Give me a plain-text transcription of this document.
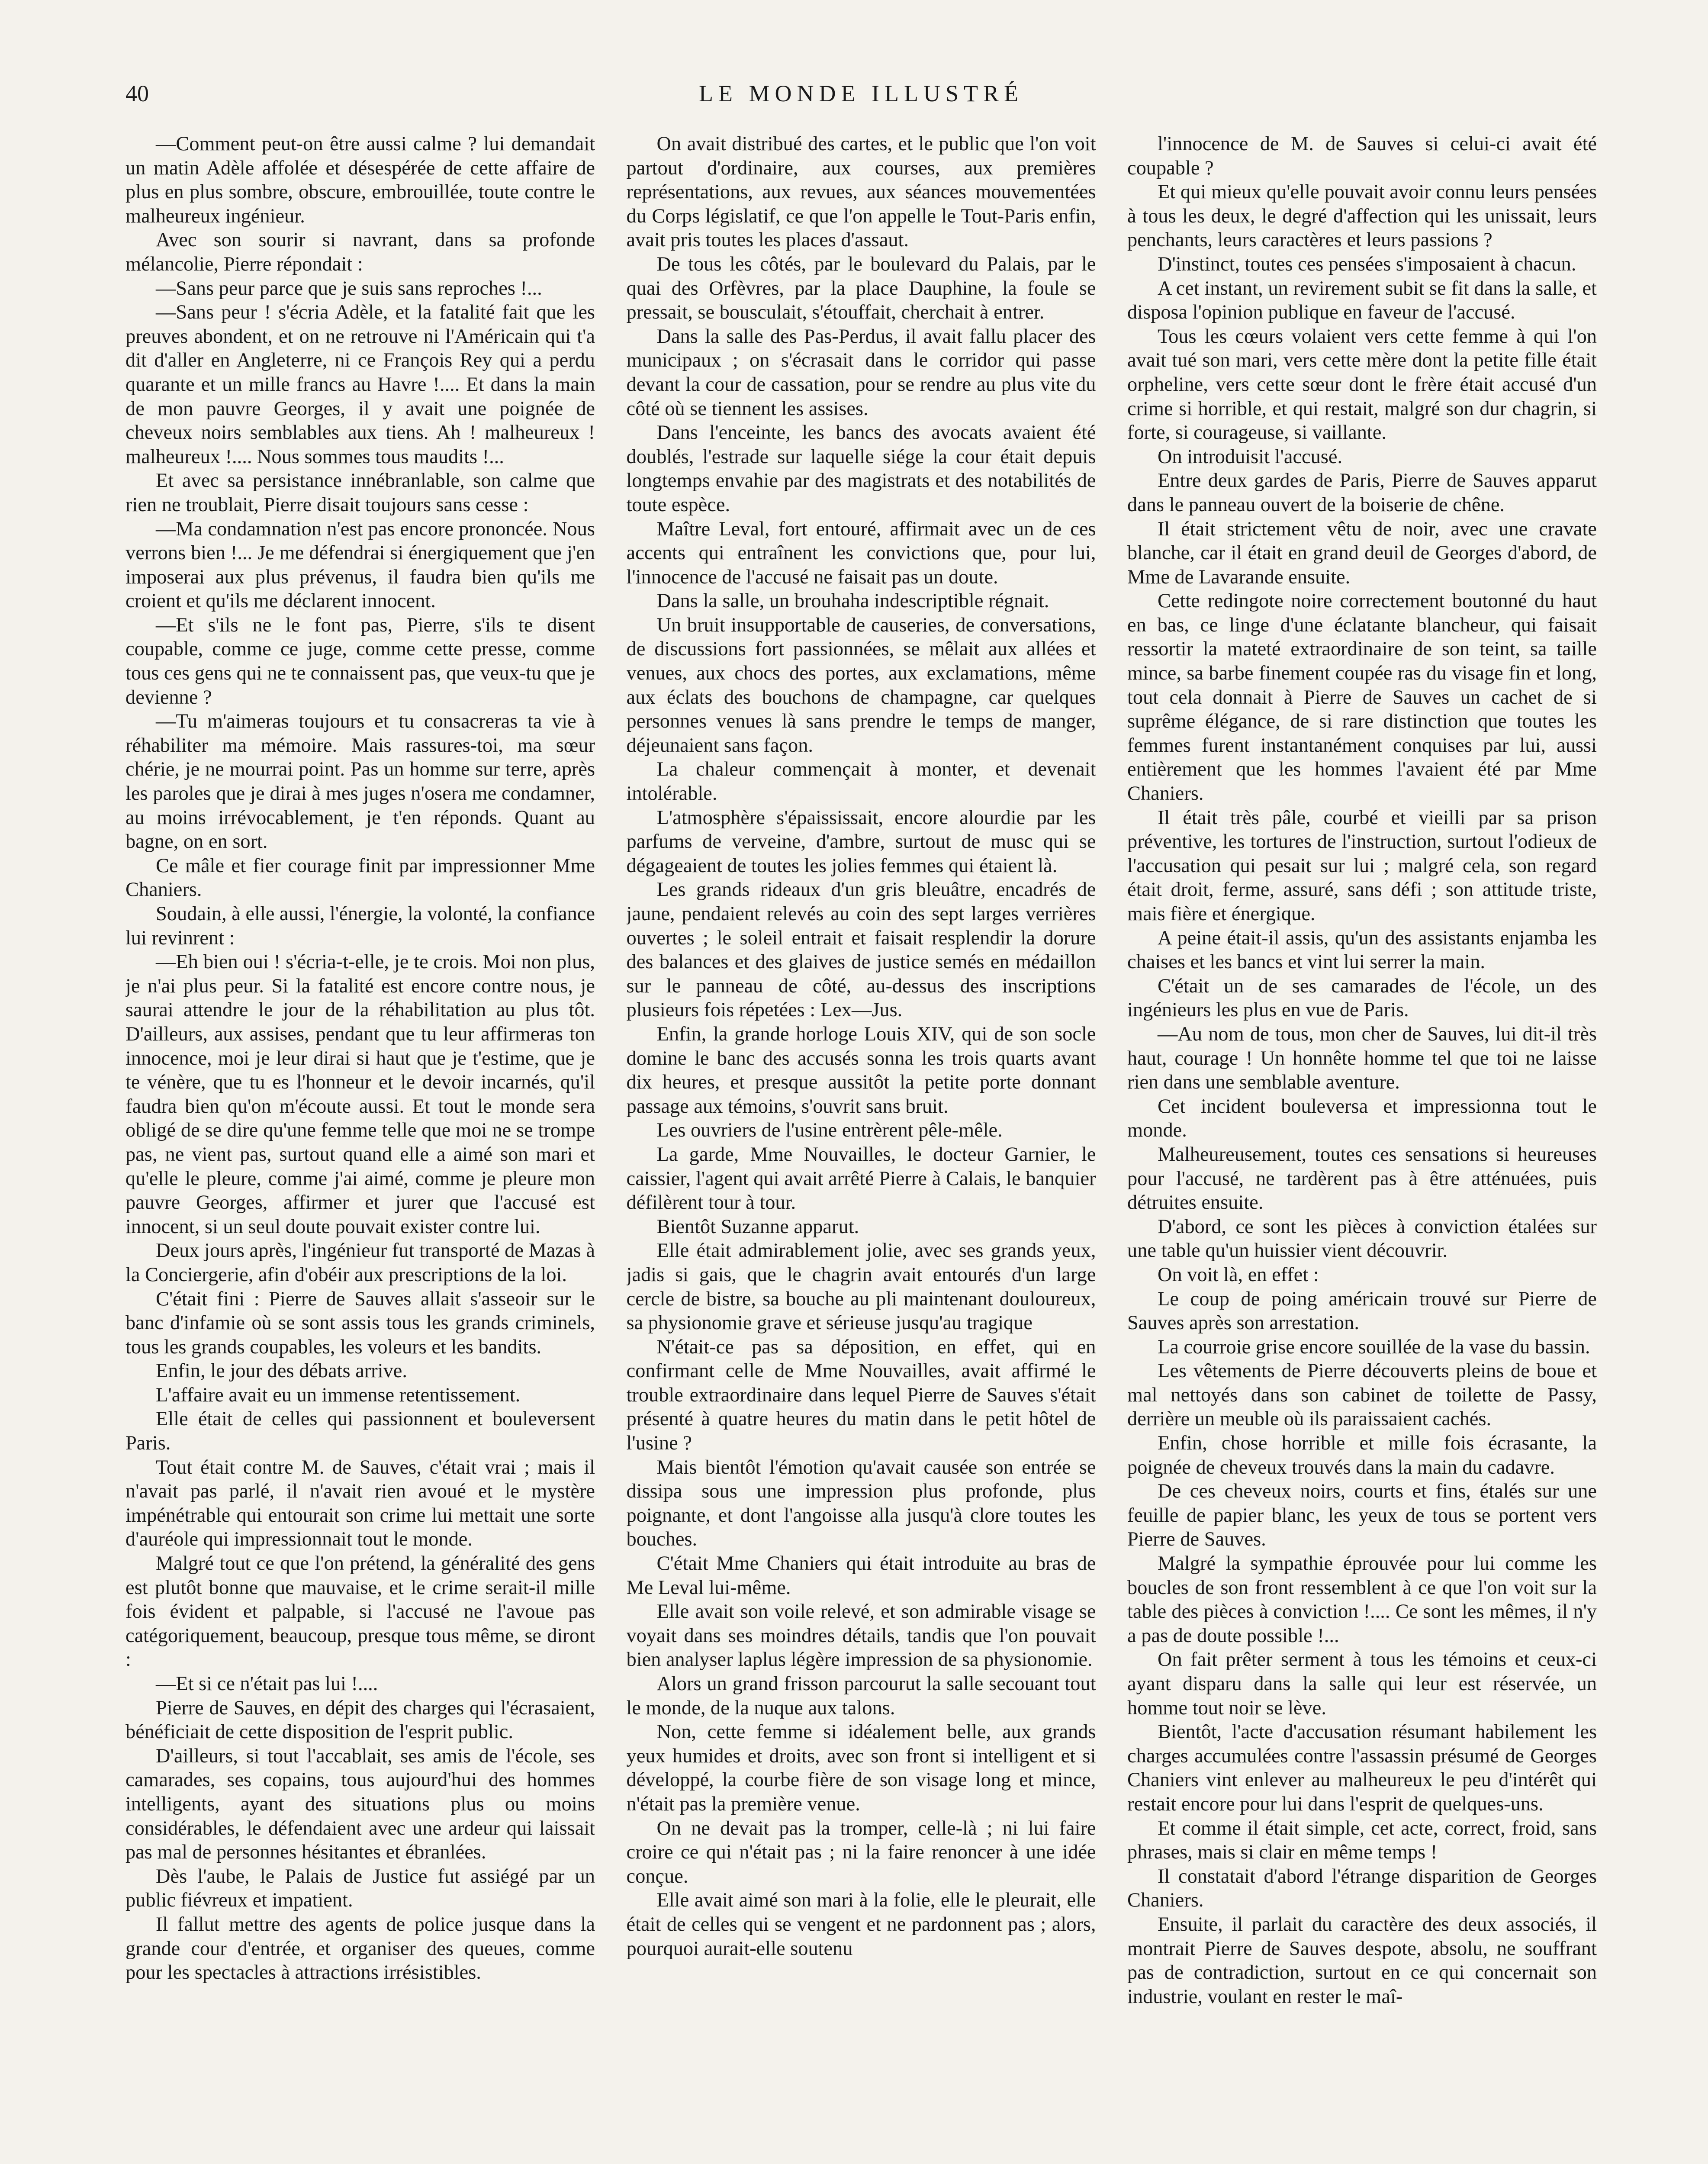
40	LE MONDE ILLUSTRÉ

—Comment peut-on être aussi calme ? lui demandait un matin Adèle affolée et désespérée de cette affaire de plus en plus sombre, obscure, embrouillée, toute contre le malheureux ingénieur.

Avec son sourir si navrant, dans sa profonde mélancolie, Pierre répondait :

—Sans peur parce que je suis sans reproches !...

—Sans peur ! s'écria Adèle, et la fatalité fait que les preuves abondent, et on ne retrouve ni l'Américain qui t'a dit d'aller en Angleterre, ni ce François Rey qui a perdu quarante et un mille francs au Havre !.... Et dans la main de mon pauvre Georges, il y avait une poignée de cheveux noirs semblables aux tiens. Ah ! malheureux ! malheureux !.... Nous sommes tous maudits !...

Et avec sa persistance innébranlable, son calme que rien ne troublait, Pierre disait toujours sans cesse :

—Ma condamnation n'est pas encore prononcée. Nous verrons bien !... Je me défendrai si énergiquement que j'en imposerai aux plus prévenus, il faudra bien qu'ils me croient et qu'ils me déclarent innocent.

—Et s'ils ne le font pas, Pierre, s'ils te disent coupable, comme ce juge, comme cette presse, comme tous ces gens qui ne te connaissent pas, que veux-tu que je devienne ?

—Tu m'aimeras toujours et tu consacreras ta vie à réhabiliter ma mémoire. Mais rassures-toi, ma sœur chérie, je ne mourrai point. Pas un homme sur terre, après les paroles que je dirai à mes juges n'osera me condamner, au moins irrévocablement, je t'en réponds. Quant au bagne, on en sort.

Ce mâle et fier courage finit par impressionner Mme Chaniers.

Soudain, à elle aussi, l'énergie, la volonté, la confiance lui revinrent :

—Eh bien oui ! s'écria-t-elle, je te crois. Moi non plus, je n'ai plus peur. Si la fatalité est encore contre nous, je saurai attendre le jour de la réhabilitation au plus tôt. D'ailleurs, aux assises, pendant que tu leur affirmeras ton innocence, moi je leur dirai si haut que je t'estime, que je te vénère, que tu es l'honneur et le devoir incarnés, qu'il faudra bien qu'on m'écoute aussi. Et tout le monde sera obligé de se dire qu'une femme telle que moi ne se trompe pas, ne vient pas, surtout quand elle a aimé son mari et qu'elle le pleure, comme j'ai aimé, comme je pleure mon pauvre Georges, affirmer et jurer que l'accusé est innocent, si un seul doute pouvait exister contre lui.

Deux jours après, l'ingénieur fut transporté de Mazas à la Conciergerie, afin d'obéir aux prescriptions de la loi.

C'était fini : Pierre de Sauves allait s'asseoir sur le banc d'infamie où se sont assis tous les grands criminels, tous les grands coupables, les voleurs et les bandits.

Enfin, le jour des débats arrive.

L'affaire avait eu un immense retentissement.

Elle était de celles qui passionnent et bouleversent Paris.

Tout était contre M. de Sauves, c'était vrai ; mais il n'avait pas parlé, il n'avait rien avoué et le mystère impénétrable qui entourait son crime lui mettait une sorte d'auréole qui impressionnait tout le monde.

Malgré tout ce que l'on prétend, la généralité des gens est plutôt bonne que mauvaise, et le crime serait-il mille fois évident et palpable, si l'accusé ne l'avoue pas catégoriquement, beaucoup, presque tous même, se diront :

—Et si ce n'était pas lui !....

Pierre de Sauves, en dépit des charges qui l'écrasaient, bénéficiait de cette disposition de l'esprit public.

D'ailleurs, si tout l'accablait, ses amis de l'école, ses camarades, ses copains, tous aujourd'hui des hommes intelligents, ayant des situations plus ou moins considérables, le défendaient avec une ardeur qui laissait pas mal de personnes hésitantes et ébranlées.

Dès l'aube, le Palais de Justice fut assiégé par un public fiévreux et impatient.

Il fallut mettre des agents de police jusque dans la grande cour d'entrée, et organiser des queues, comme pour les spectacles à attractions irrésistibles.

On avait distribué des cartes, et le public que l'on voit partout d'ordinaire, aux courses, aux premières représentations, aux revues, aux séances mouvementées du Corps législatif, ce que l'on appelle le Tout-Paris enfin, avait pris toutes les places d'assaut.

De tous les côtés, par le boulevard du Palais, par le quai des Orfèvres, par la place Dauphine, la foule se pressait, se bousculait, s'étouffait, cherchait à entrer.

Dans la salle des Pas-Perdus, il avait fallu placer des municipaux ; on s'écrasait dans le corridor qui passe devant la cour de cassation, pour se rendre au plus vite du côté où se tiennent les assises.

Dans l'enceinte, les bancs des avocats avaient été doublés, l'estrade sur laquelle siége la cour était depuis longtemps envahie par des magistrats et des notabilités de toute espèce.

Maître Leval, fort entouré, affirmait avec un de ces accents qui entraînent les convictions que, pour lui, l'innocence de l'accusé ne faisait pas un doute.

Dans la salle, un brouhaha indescriptible régnait.

Un bruit insupportable de causeries, de conversations, de discussions fort passionnées, se mêlait aux allées et venues, aux chocs des portes, aux exclamations, même aux éclats des bouchons de champagne, car quelques personnes venues là sans prendre le temps de manger, déjeunaient sans façon.

La chaleur commençait à monter, et devenait intolérable.

L'atmosphère s'épaississait, encore alourdie par les parfums de verveine, d'ambre, surtout de musc qui se dégageaient de toutes les jolies femmes qui étaient là.

Les grands rideaux d'un gris bleuâtre, encadrés de jaune, pendaient relevés au coin des sept larges verrières ouvertes ; le soleil entrait et faisait resplendir la dorure des balances et des glaives de justice semés en médaillon sur le panneau de côté, au-dessus des inscriptions plusieurs fois répetées : Lex—Jus.

Enfin, la grande horloge Louis XIV, qui de son socle domine le banc des accusés sonna les trois quarts avant dix heures, et presque aussitôt la petite porte donnant passage aux témoins, s'ouvrit sans bruit.

Les ouvriers de l'usine entrèrent pêle-mêle.

La garde, Mme Nouvailles, le docteur Garnier, le caissier, l'agent qui avait arrêté Pierre à Calais, le banquier défilèrent tour à tour.

Bientôt Suzanne apparut.

Elle était admirablement jolie, avec ses grands yeux, jadis si gais, que le chagrin avait entourés d'un large cercle de bistre, sa bouche au pli maintenant douloureux, sa physionomie grave et sérieuse jusqu'au tragique

N'était-ce pas sa déposition, en effet, qui en confirmant celle de Mme Nouvailles, avait affirmé le trouble extraordinaire dans lequel Pierre de Sauves s'était présenté à quatre heures du matin dans le petit hôtel de l'usine ?

Mais bientôt l'émotion qu'avait causée son entrée se dissipa sous une impression plus profonde, plus poignante, et dont l'angoisse alla jusqu'à clore toutes les bouches.

C'était Mme Chaniers qui était introduite au bras de Me Leval lui-même.

Elle avait son voile relevé, et son admirable visage se voyait dans ses moindres détails, tandis que l'on pouvait bien analyser laplus légère impression de sa physionomie.

Alors un grand frisson parcourut la salle secouant tout le monde, de la nuque aux talons.

Non, cette femme si idéalement belle, aux grands yeux humides et droits, avec son front si intelligent et si développé, la courbe fière de son visage long et mince, n'était pas la première venue.

On ne devait pas la tromper, celle-là ; ni lui faire croire ce qui n'était pas ; ni la faire renoncer à une idée conçue.

Elle avait aimé son mari à la folie, elle le pleurait, elle était de celles qui se vengent et ne pardonnent pas ; alors, pourquoi aurait-elle soutenu

l'innocence de M. de Sauves si celui-ci avait été coupable ?

Et qui mieux qu'elle pouvait avoir connu leurs pensées à tous les deux, le degré d'affection qui les unissait, leurs penchants, leurs caractères et leurs passions ?

D'instinct, toutes ces pensées s'imposaient à chacun.

A cet instant, un revirement subit se fit dans la salle, et disposa l'opinion publique en faveur de l'accusé.

Tous les cœurs volaient vers cette femme à qui l'on avait tué son mari, vers cette mère dont la petite fille était orpheline, vers cette sœur dont le frère était accusé d'un crime si horrible, et qui restait, malgré son dur chagrin, si forte, si courageuse, si vaillante.

On introduisit l'accusé.

Entre deux gardes de Paris, Pierre de Sauves apparut dans le panneau ouvert de la boiserie de chêne.

Il était strictement vêtu de noir, avec une cravate blanche, car il était en grand deuil de Georges d'abord, de Mme de Lavarande ensuite.

Cette redingote noire correctement boutonné du haut en bas, ce linge d'une éclatante blancheur, qui faisait ressortir la mateté extraordinaire de son teint, sa taille mince, sa barbe finement coupée ras du visage fin et long, tout cela donnait à Pierre de Sauves un cachet de si suprême élégance, de si rare distinction que toutes les femmes furent instantanément conquises par lui, aussi entièrement que les hommes l'avaient été par Mme Chaniers.

Il était très pâle, courbé et vieilli par sa prison préventive, les tortures de l'instruction, surtout l'odieux de l'accusation qui pesait sur lui ; malgré cela, son regard était droit, ferme, assuré, sans défi ; son attitude triste, mais fière et énergique.

A peine était-il assis, qu'un des assistants enjamba les chaises et les bancs et vint lui serrer la main.

C'était un de ses camarades de l'école, un des ingénieurs les plus en vue de Paris.

—Au nom de tous, mon cher de Sauves, lui dit-il très haut, courage ! Un honnête homme tel que toi ne laisse rien dans une semblable aventure.

Cet incident bouleversa et impressionna tout le monde.

Malheureusement, toutes ces sensations si heureuses pour l'accusé, ne tardèrent pas à être atténuées, puis détruites ensuite.

D'abord, ce sont les pièces à conviction étalées sur une table qu'un huissier vient découvrir.

On voit là, en effet :

Le coup de poing américain trouvé sur Pierre de Sauves après son arrestation.

La courroie grise encore souillée de la vase du bassin.

Les vêtements de Pierre découverts pleins de boue et mal nettoyés dans son cabinet de toilette de Passy, derrière un meuble où ils paraissaient cachés.

Enfin, chose horrible et mille fois écrasante, la poignée de cheveux trouvés dans la main du cadavre.

De ces cheveux noirs, courts et fins, étalés sur une feuille de papier blanc, les yeux de tous se portent vers Pierre de Sauves.

Malgré la sympathie éprouvée pour lui comme les boucles de son front ressemblent à ce que l'on voit sur la table des pièces à conviction !.... Ce sont les mêmes, il n'y a pas de doute possible !...

On fait prêter serment à tous les témoins et ceux-ci ayant disparu dans la salle qui leur est réservée, un homme tout noir se lève.

Bientôt, l'acte d'accusation résumant habilement les charges accumulées contre l'assassin présumé de Georges Chaniers vint enlever au malheureux le peu d'intérêt qui restait encore pour lui dans l'esprit de quelques-uns.

Et comme il était simple, cet acte, correct, froid, sans phrases, mais si clair en même temps !

Il constatait d'abord l'étrange disparition de Georges Chaniers.

Ensuite, il parlait du caractère des deux associés, il montrait Pierre de Sauves despote, absolu, ne souffrant pas de contradiction, surtout en ce qui concernait son industrie, voulant en rester le maî-
